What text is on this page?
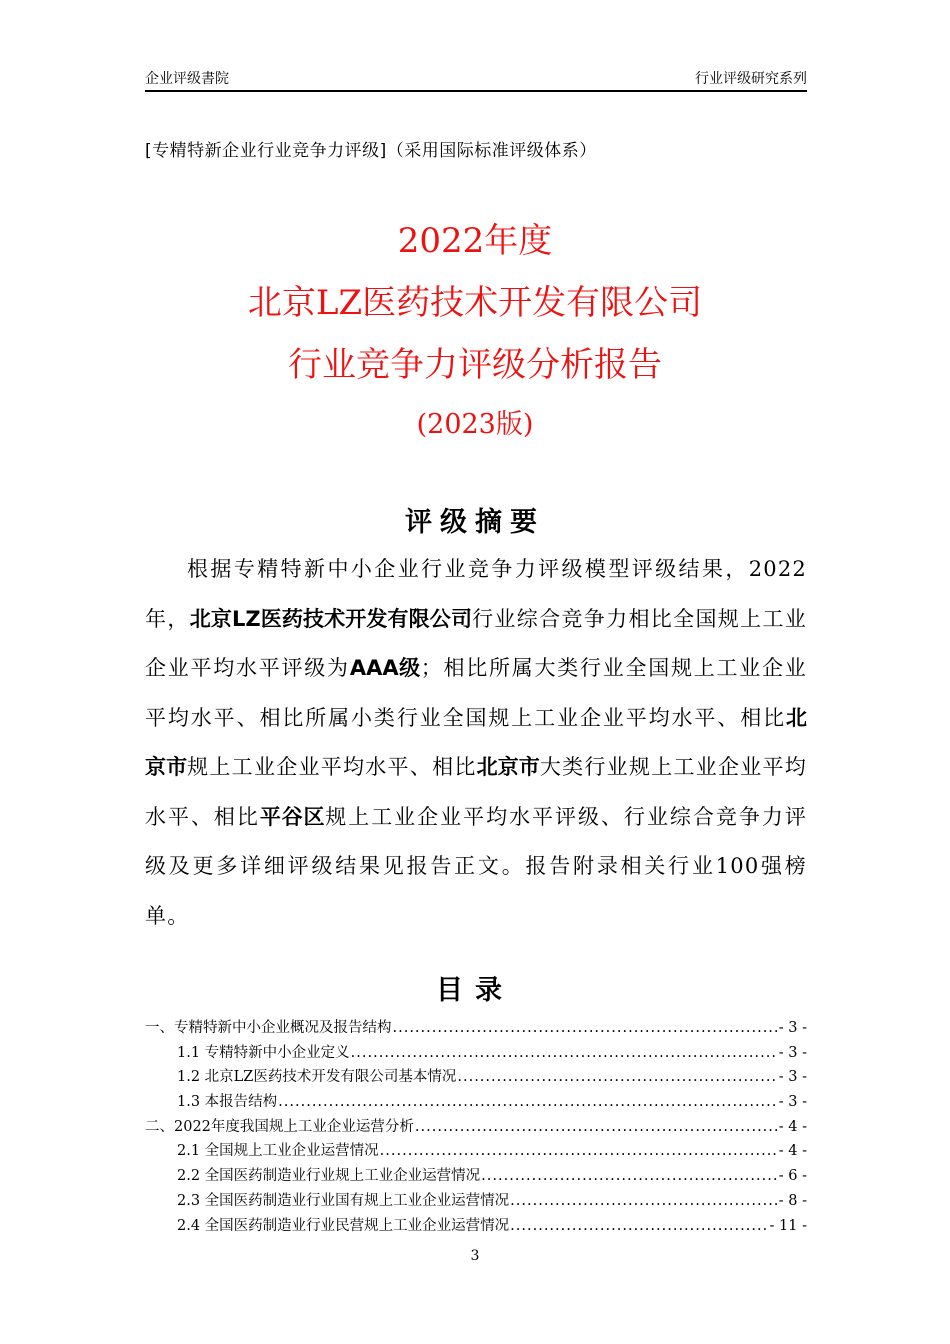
企业评级書院	行业评级研究系列
[专精特新企业行业竞争力评级]（采用国际标准评级体系）
2022年度
北京LZ医药技术开发有限公司
行业竞争力评级分析报告
(2023版)
评级摘要
根据专精特新中小企业行业竞争力评级模型评级结果，2022年，北京LZ医药技术开发有限公司行业综合竞争力相比全国规上工业企业平均水平评级为AAA级；相比所属大类行业全国规上工业企业平均水平、相比所属小类行业全国规上工业企业平均水平、相比北京市规上工业企业平均水平、相比北京市大类行业规上工业企业平均水平、相比平谷区规上工业企业平均水平评级、行业综合竞争力评级及更多详细评级结果见报告正文。报告附录相关行业100强榜单。
目录
一、专精特新中小企业概况及报告结构 .....	- 3 -
1.1 专精特新中小企业定义 .....	- 3 -
1.2 北京LZ医药技术开发有限公司基本情况 .....	- 3 -
1.3 本报告结构 .....	- 3 -
二、2022年度我国规上工业企业运营分析 .....	- 4 -
2.1 全国规上工业企业运营情况 .....	- 4 -
2.2 全国医药制造业行业规上工业企业运营情况 .....	- 6 -
2.3 全国医药制造业行业国有规上工业企业运营情况 .....	- 8 -
2.4 全国医药制造业行业民营规上工业企业运营情况 .....	- 11 -
3
